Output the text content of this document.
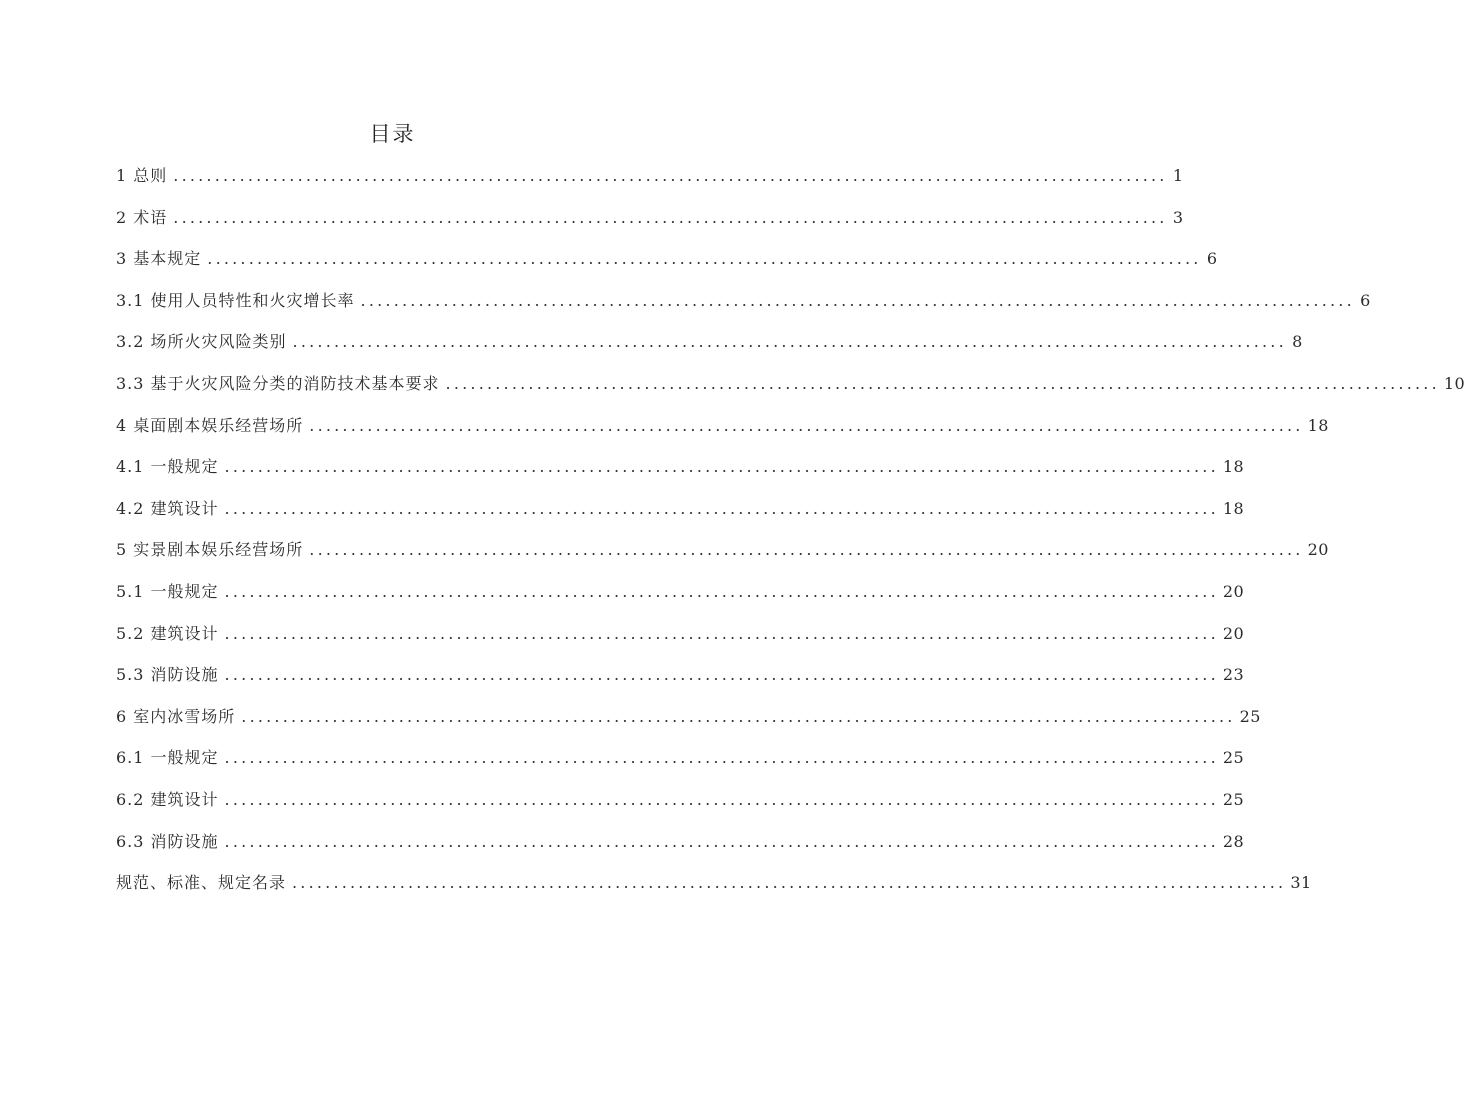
目录
1 总则 ........................................................................................................................ 1
2 术语 ........................................................................................................................ 3
3 基本规定 ........................................................................................................................ 6
3.1 使用人员特性和火灾增长率 ........................................................................................................................ 6
3.2 场所火灾风险类别 ........................................................................................................................ 8
3.3 基于火灾风险分类的消防技术基本要求 ........................................................................................................................ 10
4 桌面剧本娱乐经营场所 ........................................................................................................................ 18
4.1 一般规定 ........................................................................................................................ 18
4.2 建筑设计 ........................................................................................................................ 18
5 实景剧本娱乐经营场所 ........................................................................................................................ 20
5.1 一般规定 ........................................................................................................................ 20
5.2 建筑设计 ........................................................................................................................ 20
5.3 消防设施 ........................................................................................................................ 23
6 室内冰雪场所 ........................................................................................................................ 25
6.1 一般规定 ........................................................................................................................ 25
6.2 建筑设计 ........................................................................................................................ 25
6.3 消防设施 ........................................................................................................................ 28
规范、标准、规定名录 ........................................................................................................................ 31
